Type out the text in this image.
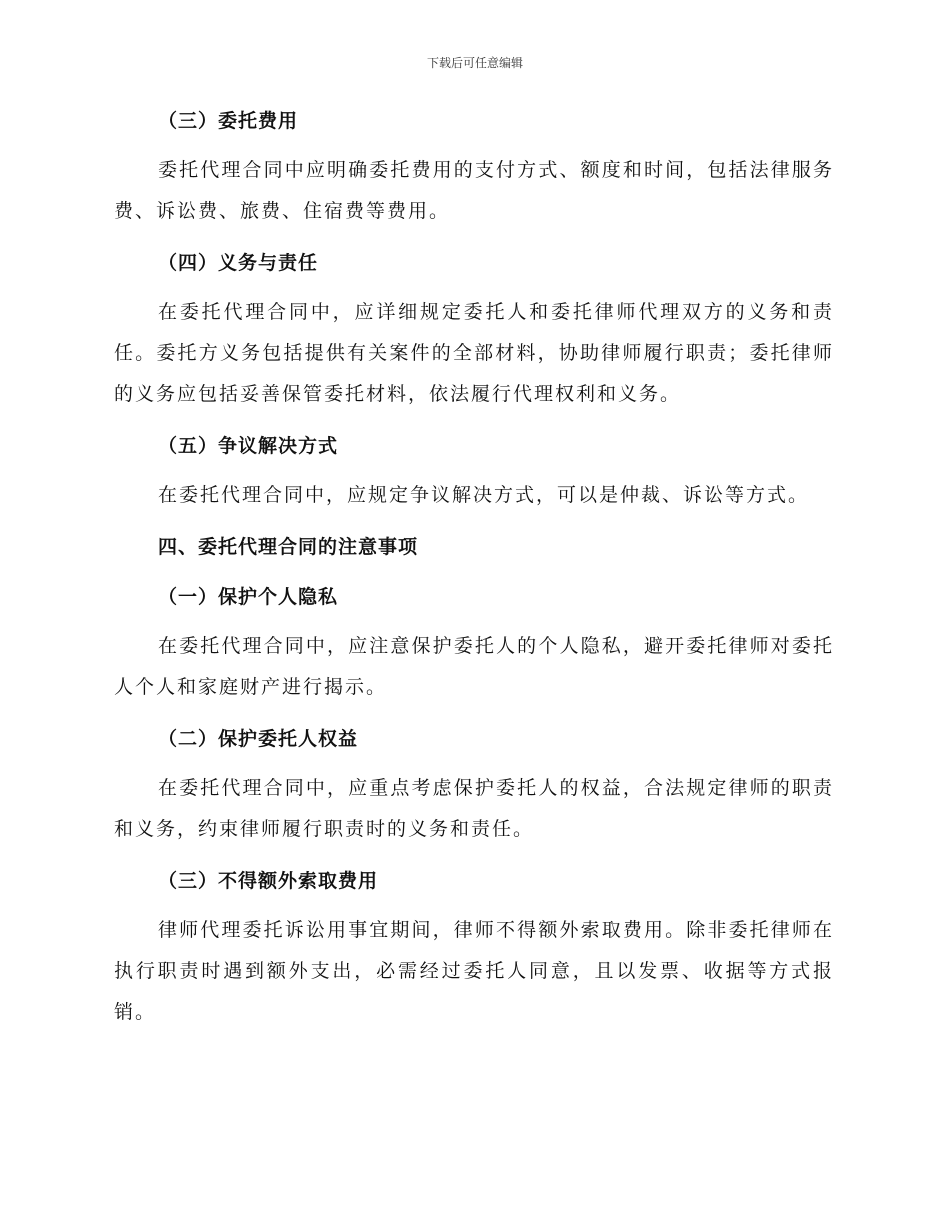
下载后可任意编辑

（三）委托费用

委托代理合同中应明确委托费用的支付方式、额度和时间，包括法律服务费、诉讼费、旅费、住宿费等费用。

（四）义务与责任

在委托代理合同中，应详细规定委托人和委托律师代理双方的义务和责任。委托方义务包括提供有关案件的全部材料，协助律师履行职责；委托律师的义务应包括妥善保管委托材料，依法履行代理权利和义务。

（五）争议解决方式

在委托代理合同中，应规定争议解决方式，可以是仲裁、诉讼等方式。

四、委托代理合同的注意事项

（一）保护个人隐私

在委托代理合同中，应注意保护委托人的个人隐私，避开委托律师对委托人个人和家庭财产进行揭示。

（二）保护委托人权益

在委托代理合同中，应重点考虑保护委托人的权益，合法规定律师的职责和义务，约束律师履行职责时的义务和责任。

（三）不得额外索取费用

律师代理委托诉讼用事宜期间，律师不得额外索取费用。除非委托律师在执行职责时遇到额外支出，必需经过委托人同意，且以发票、收据等方式报销。
